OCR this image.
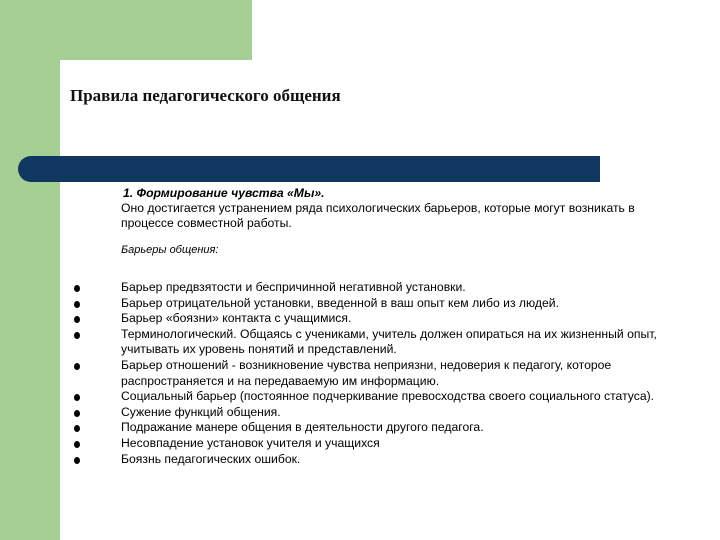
Правила педагогического общения
1. Формирование чувства «Мы».

Оно достигается устранением ряда психологических барьеров, которые могут возникать в процессе совместной работы.

Барьеры общения:
Барьер предвзятости и беспричинной негативной установки.
Барьер отрицательной установки, введенной в ваш опыт кем либо из людей.
Барьер «боязни» контакта с учащимися.
Терминологический. Общаясь с учениками, учитель должен опираться на их жизненный опыт, учитывать их уровень понятий и представлений.
Барьер отношений - возникновение чувства неприязни, недоверия к педагогу, которое распространяется и на передаваемую им информацию.
Социальный барьер (постоянное подчеркивание превосходства своего социального статуса).
Сужение функций общения.
Подражание манере общения в деятельности другого педагога.
Несовпадение установок учителя и учащихся
Боязнь педагогических ошибок.
